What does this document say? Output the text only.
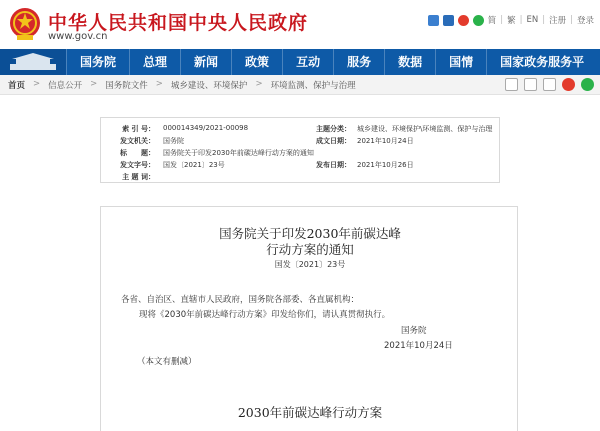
中华人民共和国中央人民政府
www.gov.cn
简 | 繁 | EN | 注册 | 登录
国务院	总理	新闻	政策	互动	服务	数据	国情	国家政务服务平
首页 > 信息公开 > 国务院文件 > 城乡建设、环境保护 > 环境监测、保护与治理
索 引 号： 000014349/2021-00098	主题分类： 城乡建设、环境保护\环境监测、保护与治理
发文机关： 国务院	成文日期： 2021年10月24日
标　　题： 国务院关于印发2030年前碳达峰行动方案的通知
发文字号： 国发〔2021〕23号	发布日期： 2021年10月26日
主 题 词：
国务院关于印发2030年前碳达峰
行动方案的通知
国发〔2021〕23号
各省、自治区、直辖市人民政府，国务院各部委、各直属机构：
现将《2030年前碳达峰行动方案》印发给你们，请认真贯彻执行。
国务院
2021年10月24日
（本文有删减）
2030年前碳达峰行动方案
